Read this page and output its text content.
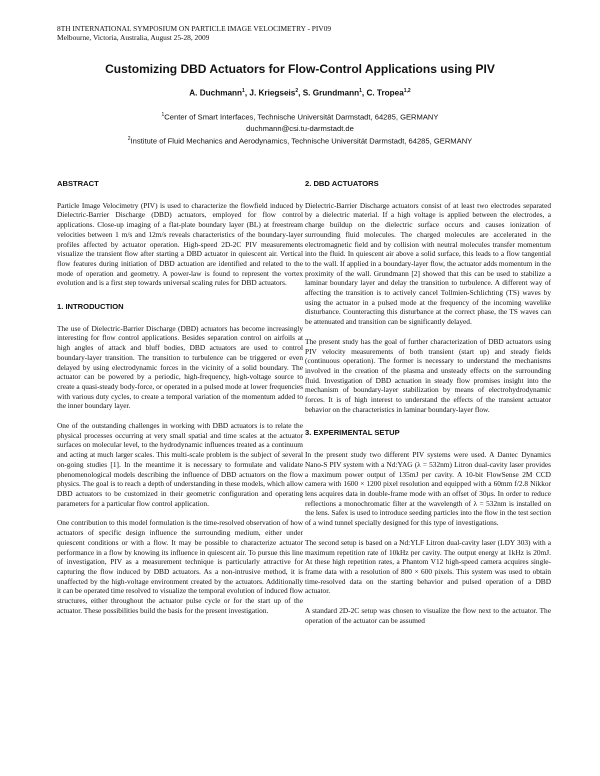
8TH INTERNATIONAL SYMPOSIUM ON PARTICLE IMAGE VELOCIMETRY - PIV09
Melbourne, Victoria, Australia, August 25-28, 2009
Customizing DBD Actuators for Flow-Control Applications using PIV
A. Duchmann$^1$, J. Kriegseis$^2$, S. Grundmann$^1$, C. Tropea$^{1,2}$
$^1$Center of Smart Interfaces, Technische Universität Darmstadt, 64285, GERMANY
duchmann@csi.tu-darmstadt.de
$^2$Institute of Fluid Mechanics and Aerodynamics, Technische Universität Darmstadt, 64285, GERMANY
ABSTRACT

Particle Image Velocimetry (PIV) is used to characterize the flowfield induced by Dielectric-Barrier Discharge (DBD) actuators, employed for flow control applications. Close-up imaging of a flat-plate boundary layer (BL) at freestream velocities between 1 m/s and 12m/s reveals characteristics of the boundary-layer profiles affected by actuator operation. High-speed 2D-2C PIV measurements visualize the transient flow after starting a DBD actuator in quiescent air. Vertical flow features during initiation of DBD actuation are identified and related to the mode of operation and geometry. A power-law is found to represent the vortex evolution and is a first step towards universal scaling rules for DBD actuators.

1. INTRODUCTION

The use of Dielectric-Barrier Discharge (DBD) actuators has become increasingly interesting for flow control applications. Besides separation control on airfoils at high angles of attack and bluff bodies, DBD actuators are used to control boundary-layer transition. The transition to turbulence can be triggered or even delayed by using electrodynamic forces in the vicinity of a solid boundary. The actuator can be powered by a periodic, high-frequency, high-voltage source to create a quasi-steady body-force, or operated in a pulsed mode at lower frequencies with various duty cycles, to create a temporal variation of the momentum added to the inner boundary layer.

One of the outstanding challenges in working with DBD actuators is to relate the physical processes occurring at very small spatial and time scales at the actuator surfaces on molecular level, to the hydrodynamic influences treated as a continuum and acting at much larger scales. This multi-scale problem is the subject of several on-going studies [1]. In the meantime it is necessary to formulate and validate phenomenological models describing the influence of DBD actuators on the flow physics. The goal is to reach a depth of understanding in these models, which allow DBD actuators to be customized in their geometric configuration and operating parameters for a particular flow control application.

One contribution to this model formulation is the time-resolved observation of how actuators of specific design influence the surrounding medium, either under quiescent conditions or with a flow. It may be possible to characterize actuator performance in a flow by knowing its influence in quiescent air. To pursue this line of investigation, PIV as a measurement technique is particularly attractive for capturing the flow induced by DBD actuators. As a non-intrusive method, it is unaffected by the high-voltage environment created by the actuators. Additionally it can be operated time resolved to visualize the temporal evolution of induced flow structures, either throughout the actuator pulse cycle or for the start up of the actuator. These possibilities build the basis for the present investigation.

2. DBD ACTUATORS

Dielectric-Barrier Discharge actuators consist of at least two electrodes separated by a dielectric material. If a high voltage is applied between the electrodes, a charge buildup on the dielectric surface occurs and causes ionization of surrounding fluid molecules. The charged molecules are accelerated in the electromagnetic field and by collision with neutral molecules transfer momentum into the fluid. In quiescent air above a solid surface, this leads to a flow tangential to the wall. If applied in a boundary-layer flow, the actuator adds momentum in the proximity of the wall. Grundmann [2] showed that this can be used to stabilize a laminar boundary layer and delay the transition to turbulence. A different way of affecting the transition is to actively cancel Tollmien-Schlichting (TS) waves by using the actuator in a pulsed mode at the frequency of the incoming wavelike disturbance. Counteracting this disturbance at the correct phase, the TS waves can be attenuated and transition can be significantly delayed.

The present study has the goal of further characterization of DBD actuators using PIV velocity measurements of both transient (start up) and steady fields (continuous operation). The former is necessary to understand the mechanisms involved in the creation of the plasma and unsteady effects on the surrounding fluid. Investigation of DBD actuation in steady flow promises insight into the mechanism of boundary-layer stabilization by means of electrohydrodynamic forces. It is of high interest to understand the effects of the transient actuator behavior on the characteristics in laminar boundary-layer flow.

3. EXPERIMENTAL SETUP

In the present study two different PIV systems were used. A Dantec Dynamics Nano-S PIV system with a Nd:YAG (λ = 532nm) Litron dual-cavity laser provides a maximum power output of 135mJ per cavity. A 10-bit FlowSense 2M CCD camera with 1600 × 1200 pixel resolution and equipped with a 60mm f/2.8 Nikkor lens acquires data in double-frame mode with an offset of 30µs. In order to reduce reflections a monochromatic filter at the wavelength of λ = 532nm is installed on the lens. Safex is used to introduce seeding particles into the flow in the test section of a wind tunnel specially designed for this type of investigations.

The second setup is based on a Nd:YLF Litron dual-cavity laser (LDY 303) with a maximum repetition rate of 10kHz per cavity. The output energy at 1kHz is 20mJ. At these high repetition rates, a Phantom V12 high-speed camera acquires single-frame data with a resolution of 800 × 600 pixels. This system was used to obtain time-resolved data on the starting behavior and pulsed operation of a DBD actuator.

A standard 2D-2C setup was chosen to visualize the flow next to the actuator. The operation of the actuator can be assumed
